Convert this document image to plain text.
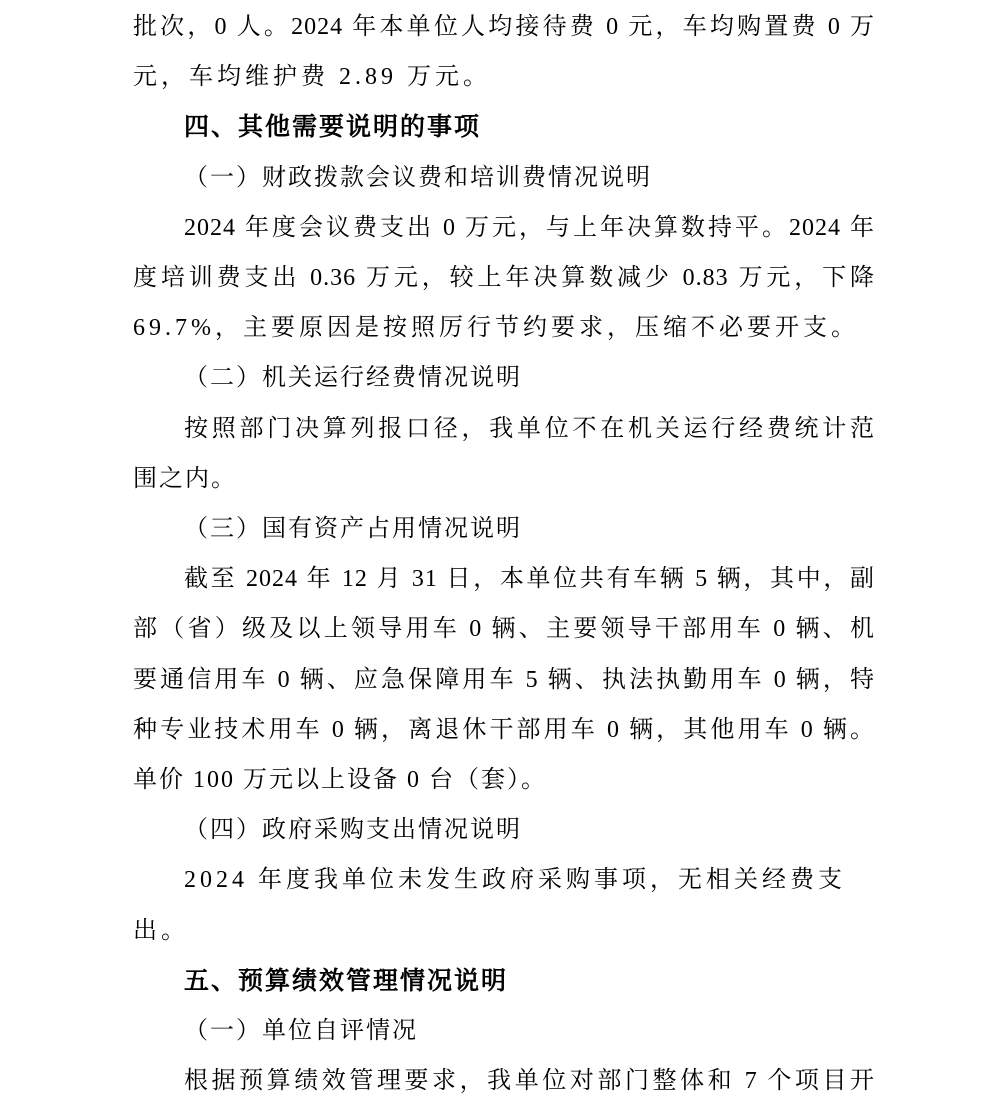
批次，0 人。2024 年本单位人均接待费 0 元，车均购置费 0 万
元，车均维护费 2.89 万元。
四、其他需要说明的事项
（一）财政拨款会议费和培训费情况说明
2024 年度会议费支出 0 万元，与上年决算数持平。2024 年
度培训费支出 0.36 万元，较上年决算数减少 0.83 万元，下降
69.7%，主要原因是按照厉行节约要求，压缩不必要开支。
（二）机关运行经费情况说明
按照部门决算列报口径，我单位不在机关运行经费统计范
围之内。
（三）国有资产占用情况说明
截至 2024 年 12 月 31 日，本单位共有车辆 5 辆，其中，副
部（省）级及以上领导用车 0 辆、主要领导干部用车 0 辆、机
要通信用车 0 辆、应急保障用车 5 辆、执法执勤用车 0 辆，特
种专业技术用车 0 辆，离退休干部用车 0 辆，其他用车 0 辆。
单价 100 万元以上设备 0 台（套）。
（四）政府采购支出情况说明
2024 年度我单位未发生政府采购事项，无相关经费支出。
五、预算绩效管理情况说明
（一）单位自评情况
根据预算绩效管理要求，我单位对部门整体和 7 个项目开
